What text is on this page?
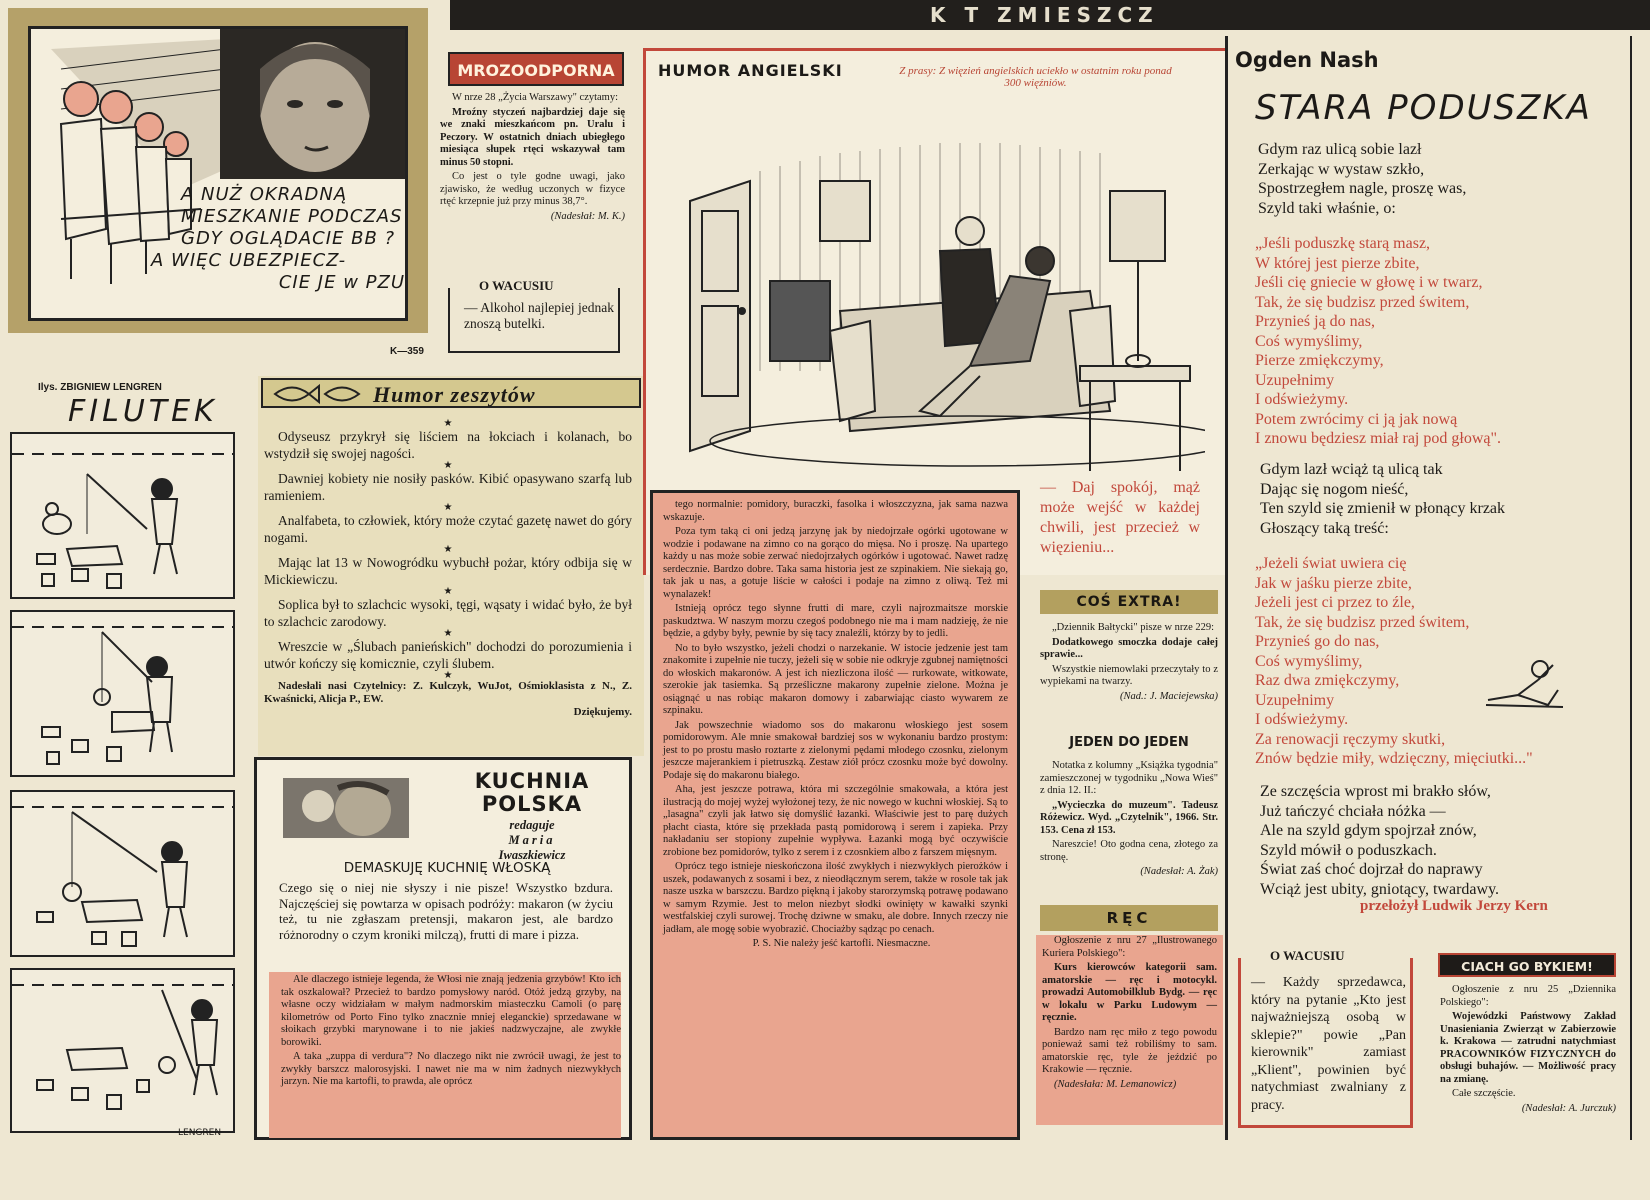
K T ZMIESZCZ
A NUŻ OKRADNĄ
MIESZKANIE PODCZAS
GDY OGLĄDACIE BB ?
A WIĘC UBEZPIECZ-
CIE JE w PZU
K—359
Ilys. ZBIGNIEW LENGREN
FILUTEK
LENGREN
MROZOODPORNA

W nrze 28 „Życia Warszawy" czytamy:

Mroźny styczeń najbardziej daje się we znaki mieszkańcom pn. Uralu i Peczory. W ostatnich dniach ubiegłego miesiąca słupek rtęci wskazywał tam minus 50 stopni.

Co jest o tyle godne uwagi, jako zjawisko, że według uczonych w fizyce rtęć krzepnie już przy minus 38,7°.

(Nadesłał: M. K.)

O WACUSIU
— Alkohol najlepiej jednak znoszą butelki.
Humor zeszytów
★

Odyseusz przykrył się liściem na łokciach i kolanach, bo wstydził się swojej nagości.

★

Dawniej kobiety nie nosiły pasków. Kibić opasywano szarfą lub ramieniem.

★

Analfabeta, to człowiek, który może czytać gazetę nawet do góry nogami.

★

Mając lat 13 w Nowogródku wybuchł pożar, który odbija się w Mickiewiczu.

★

Soplica był to szlachcic wysoki, tęgi, wąsaty i widać było, że był to szlachcic zarodowy.

★

Wreszcie w „Ślubach panieńskich" dochodzi do porozumienia i utwór kończy się komicznie, czyli ślubem.

★

Nadesłali nasi Czytelnicy: Z. Kulczyk, WuJot, Ośmioklasista z N., Z. Kwaśnicki, Alicja P., EW.

Dziękujemy.

KUCHNIA
POLSKA
redaguje
Maria
Iwaszkiewicz
DEMASKUJĘ KUCHNIĘ WŁOSKĄ
Czego się o niej nie słyszy i nie pisze! Wszystko bzdura. Najczęściej się powtarza w opisach podróży: makaron (w życiu też, tu nie zgłaszam pretensji, makaron jest, ale bardzo różnorodny o czym kroniki milczą), frutti di mare i pizza.

Ale dlaczego istnieje legenda, że Włosi nie znają jedzenia grzybów! Kto ich tak oszkalował? Przecież to bardzo pomysłowy naród. Otóż jedzą grzyby, na własne oczy widziałam w małym nadmorskim miasteczku Camoli (o parę kilometrów od Porto Fino tylko znacznie mniej eleganckie) sprzedawane w słoikach grzybki marynowane i to nie jakieś nadzwyczajne, ale zwykłe borowiki.

A taka „zuppa di verdura"? No dlaczego nikt nie zwrócił uwagi, że jest to zwykły barszcz malorosyjski. I nawet nie ma w nim żadnych niezwykłych jarzyn. Nie ma kartofli, to prawda, ale oprócz

HUMOR ANGIELSKI	Z prasy: Z więzień angielskich uciekło w ostatnim roku ponad 300 więźniów.
— Daj spokój, mąż może wejść w każdej chwili, jest przecież w więzieniu...

tego normalnie: pomidory, buraczki, fasolka i włoszczyzna, jak sama nazwa wskazuje.

Poza tym taką ci oni jedzą jarzynę jak by niedojrzałe ogórki ugotowane w wodzie i podawane na zimno co na gorąco do mięsa. No i proszę. Na upartego każdy u nas może sobie zerwać niedojrzałych ogórków i ugotować. Nawet radzę serdecznie. Bardzo dobre. Taka sama historia jest ze szpinakiem. Nie siekają go, tak jak u nas, a gotuje liście w całości i podaje na zimno z oliwą. Też mi wynalazek!

Istnieją oprócz tego słynne frutti di mare, czyli najrozmaitsze morskie paskudztwa. W naszym morzu czegoś podobnego nie ma i mam nadzieję, że nie będzie, a gdyby były, pewnie by się tacy znaleźli, którzy by to jedli.

No to było wszystko, jeżeli chodzi o narzekanie. W istocie jedzenie jest tam znakomite i zupełnie nie tuczy, jeżeli się w sobie nie odkryje zgubnej namiętności do włoskich makaronów. A jest ich niezliczona ilość — rurkowate, witkowate, szerokie jak tasiemka. Są prześliczne makarony zupełnie zielone. Można je osiągnąć u nas robiąc makaron domowy i zabarwiając ciasto wywarem ze szpinaku.

Jak powszechnie wiadomo sos do makaronu włoskiego jest sosem pomidorowym. Ale mnie smakował bardziej sos w wykonaniu bardzo prostym: jest to po prostu masło roztarte z zielonymi pędami młodego czosnku, zielonym jeszcze majerankiem i pietruszką. Zestaw ziół prócz czosnku może być dowolny. Podaje się do makaronu białego.

Aha, jest jeszcze potrawa, która mi szczególnie smakowała, a która jest ilustracją do mojej wyżej wyłożonej tezy, że nic nowego w kuchni włoskiej. Są to „lasagna" czyli jak łatwo się domyślić łazanki. Właściwie jest to parę dużych płacht ciasta, które się przekłada pastą pomidorową i serem i zapieka. Przy nakładaniu ser stopiony zupełnie wypływa. Łazanki mogą być oczywiście zrobione bez pomidorów, tylko z serem i z czosnkiem albo z farszem mięsnym.

Oprócz tego istnieje nieskończona ilość zwykłych i niezwykłych pierożków i uszek, podawanych z sosami i bez, z nieodłącznym serem, także w rosole tak jak nasze uszka w barszczu. Bardzo piękną i jakoby starorzymską potrawę podawano w samym Rzymie. Jest to melon niezbyt słodki owinięty w kawałki szynki westfalskiej czyli surowej. Trochę dziwne w smaku, ale dobre. Innych rzeczy nie jadłam, ale mogę sobie wyobrazić. Chociażby sądząc po cenach.

P. S. Nie należy jeść kartofli. Niesmaczne.

COŚ EXTRA!

„Dziennik Bałtycki" pisze w nrze 229:

Dodatkowego smoczka dodaje całej sprawie...

Wszystkie niemowlaki przeczytały to z wypiekami na twarzy.

(Nad.: J. Maciejewska)

JEDEN DO JEDEN

Notatka z kolumny „Książka tygodnia" zamieszczonej w tygodniku „Nowa Wieś" z dnia 12. II.:

„Wycieczka do muzeum". Tadeusz Różewicz. Wyd. „Czytelnik", 1966. Str. 153. Cena zł 153.

Nareszcie! Oto godna cena, złotego za stronę.

(Nadesłał: A. Żak)

RĘC

Ogłoszenie z nru 27 „Ilustrowanego Kuriera Polskiego":

Kurs kierowców kategorii sam. amatorskie — ręc i motocykl. prowadzi Automobilklub Bydg. — ręc w lokalu w Parku Ludowym — ręcznie.

Bardzo nam ręc miło z tego powodu ponieważ sami też robiliśmy to sam. amatorskie ręc, tyle że jeździć po Krakowie — ręcznie.

(Nadesłała: M. Lemanowicz)

Ogden Nash
STARA PODUSZKA
Gdym raz ulicą sobie lazł
Zerkając w wystaw szkło,
Spostrzegłem nagle, proszę was,
Szyld taki właśnie, o:
„Jeśli poduszkę starą masz,
W której jest pierze zbite,
Jeśli cię gniecie w głowę i w twarz,
Tak, że się budzisz przed świtem,
Przynieś ją do nas,
Coś wymyślimy,
Pierze zmiękczymy,
Uzupełnimy
I odświeżymy.
Potem zwrócimy ci ją jak nową
I znowu będziesz miał raj pod głową".
Gdym lazł wciąż tą ulicą tak
Dając się nogom nieść,
Ten szyld się zmienił w płonący krzak
Głoszący taką treść:
„Jeżeli świat uwiera cię
Jak w jaśku pierze zbite,
Jeżeli jest ci przez to źle,
Tak, że się budzisz przed świtem,
Przynieś go do nas,
Coś wymyślimy,
Raz dwa zmiękczymy,
Uzupełnimy
I odświeżymy.
Za renowacji ręczymy skutki,
Znów będzie miły, wdzięczny, mięciutki..."
Ze szczęścia wprost mi brakło słów,
Już tańczyć chciała nóżka —
Ale na szyld gdym spojrzał znów,
Szyld mówił o poduszkach.
Świat zaś choć dojrzał do naprawy
Wciąż jest ubity, gniotący, twardawy.
przełożył Ludwik Jerzy Kern
O WACUSIU
— Każdy sprzedawca, który na pytanie „Kto jest najważniejszą osobą w sklepie?" powie „Pan kierownik" zamiast „Klient", powinien być natychmiast zwalniany z pracy.
CIACH GO BYKIEM!

Ogłoszenie z nru 25 „Dziennika Polskiego":

Wojewódzki Państwowy Zakład Unasieniania Zwierząt w Zabierzowie k. Krakowa — zatrudni natychmiast PRACOWNIKÓW FIZYCZNYCH do obsługi buhajów. — Możliwość pracy na zmianę.

Całe szczęście.

(Nadesłał: A. Jurczuk)
